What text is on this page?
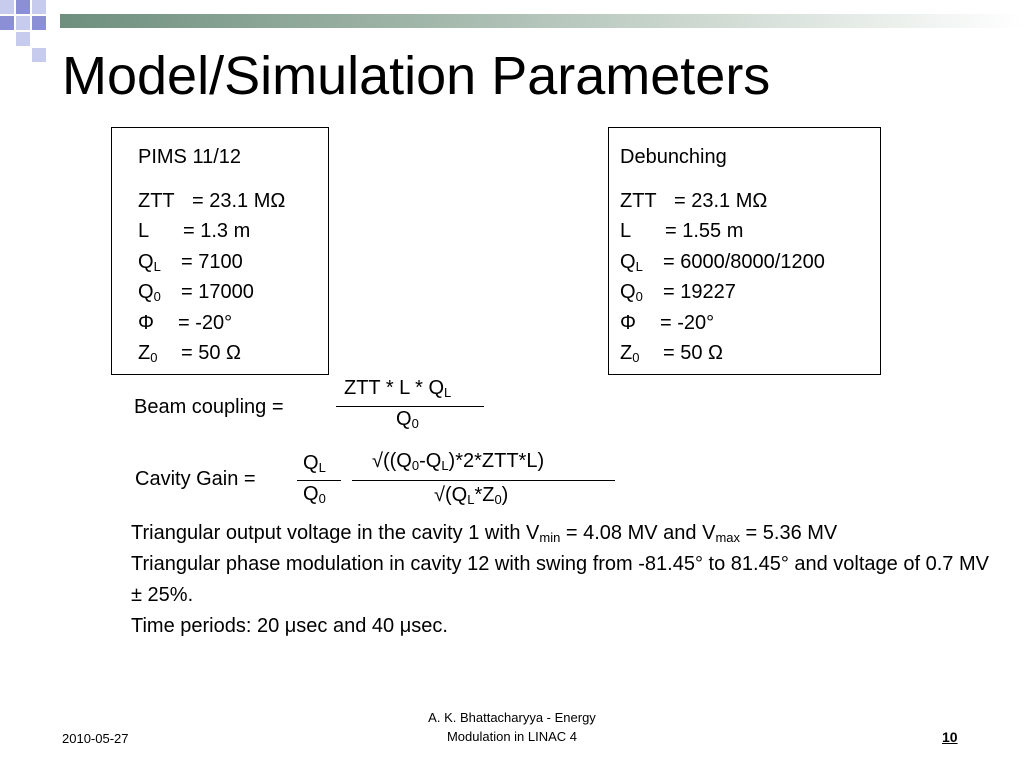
Model/Simulation Parameters
PIMS 11/12
ZTT = 23.1 MΩ
L = 1.3 m
$Q_L = 7100$
$Q_0 = 17000$
Φ = -20°
$Z_0 = 50$ Ω
Debunching
ZTT = 23.1 MΩ
L = 1.55 m
$Q_L = 6000/8000/1200$
$Q_0 = 19227$
Φ = -20°
$Z_0 = 50$ Ω
Beam coupling =
ZTT * L * $Q_L$
$Q_0$
Cavity Gain =
$Q_L$
$Q_0$
$√((Q_0-Q_L)*2*ZTT*L)$
$√(Q_L*Z_0)$
Triangular output voltage in the cavity 1 with $V_{min} = 4.08$ MV and $V_{max} = 5.36$ MV
Triangular phase modulation in cavity 12 with swing from -81.45° to 81.45° and voltage of 0.7 MV ± 25%.
Time periods: 20 μsec and 40 μsec.
2010-05-27
A. K. Bhattacharyya - Energy
Modulation in LINAC 4	10
